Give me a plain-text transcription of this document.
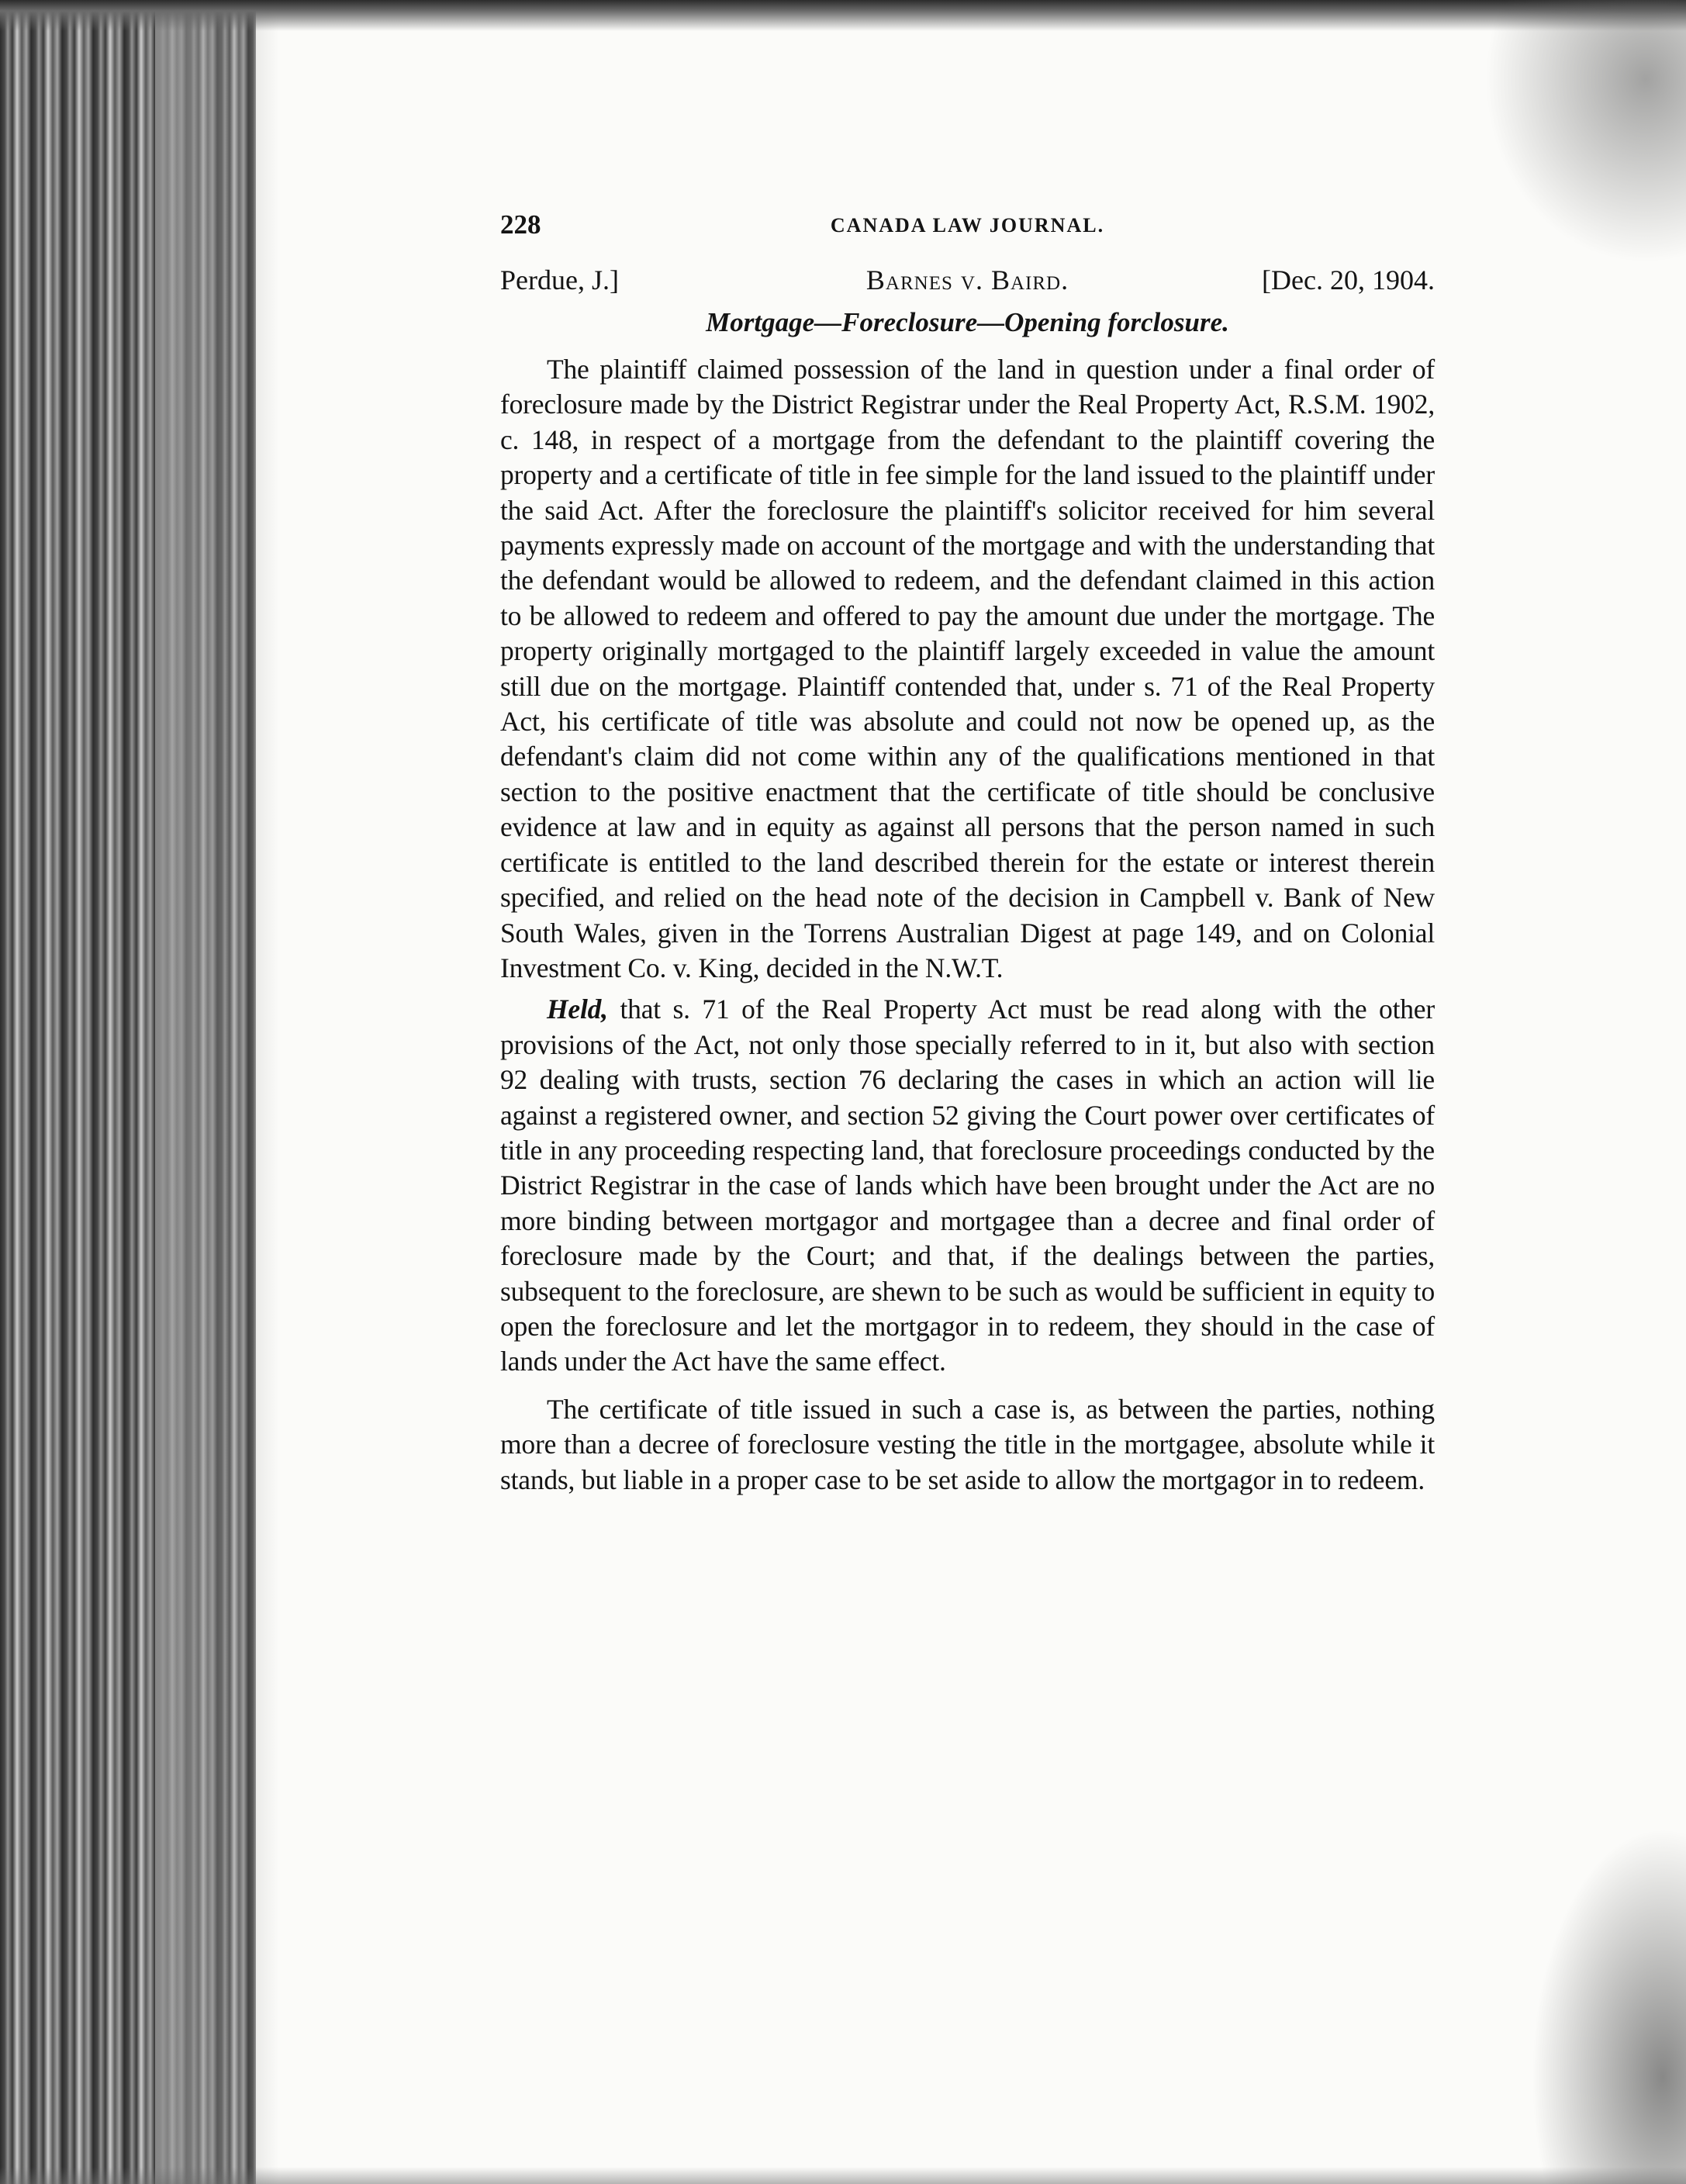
228	CANADA LAW JOURNAL.
Perdue, J.]	Barnes v. Baird.	[Dec. 20, 1904.
Mortgage—Foreclosure—Opening forclosure.

The plaintiff claimed possession of the land in question under a final order of foreclosure made by the District Registrar under the Real Property Act, R.S.M. 1902, c. 148, in respect of a mortgage from the defendant to the plaintiff covering the property and a certificate of title in fee simple for the land issued to the plaintiff under the said Act. After the foreclosure the plaintiff's solicitor received for him several payments expressly made on account of the mortgage and with the understanding that the defendant would be allowed to redeem, and the defendant claimed in this action to be allowed to redeem and offered to pay the amount due under the mortgage. The property originally mortgaged to the plaintiff largely exceeded in value the amount still due on the mortgage. Plaintiff contended that, under s. 71 of the Real Property Act, his certificate of title was absolute and could not now be opened up, as the defendant's claim did not come within any of the qualifications mentioned in that section to the positive enactment that the certificate of title should be conclusive evidence at law and in equity as against all persons that the person named in such certificate is entitled to the land described therein for the estate or interest therein specified, and relied on the head note of the decision in Campbell v. Bank of New South Wales, given in the Torrens Australian Digest at page 149, and on Colonial Investment Co. v. King, decided in the N.W.T.

Held, that s. 71 of the Real Property Act must be read along with the other provisions of the Act, not only those specially referred to in it, but also with section 92 dealing with trusts, section 76 declaring the cases in which an action will lie against a registered owner, and section 52 giving the Court power over certificates of title in any proceeding respecting land, that foreclosure proceedings conducted by the District Registrar in the case of lands which have been brought under the Act are no more binding between mortgagor and mortgagee than a decree and final order of foreclosure made by the Court; and that, if the dealings between the parties, subsequent to the foreclosure, are shewn to be such as would be sufficient in equity to open the foreclosure and let the mortgagor in to redeem, they should in the case of lands under the Act have the same effect.

The certificate of title issued in such a case is, as between the parties, nothing more than a decree of foreclosure vesting the title in the mortgagee, absolute while it stands, but liable in a proper case to be set aside to allow the mortgagor in to redeem.
